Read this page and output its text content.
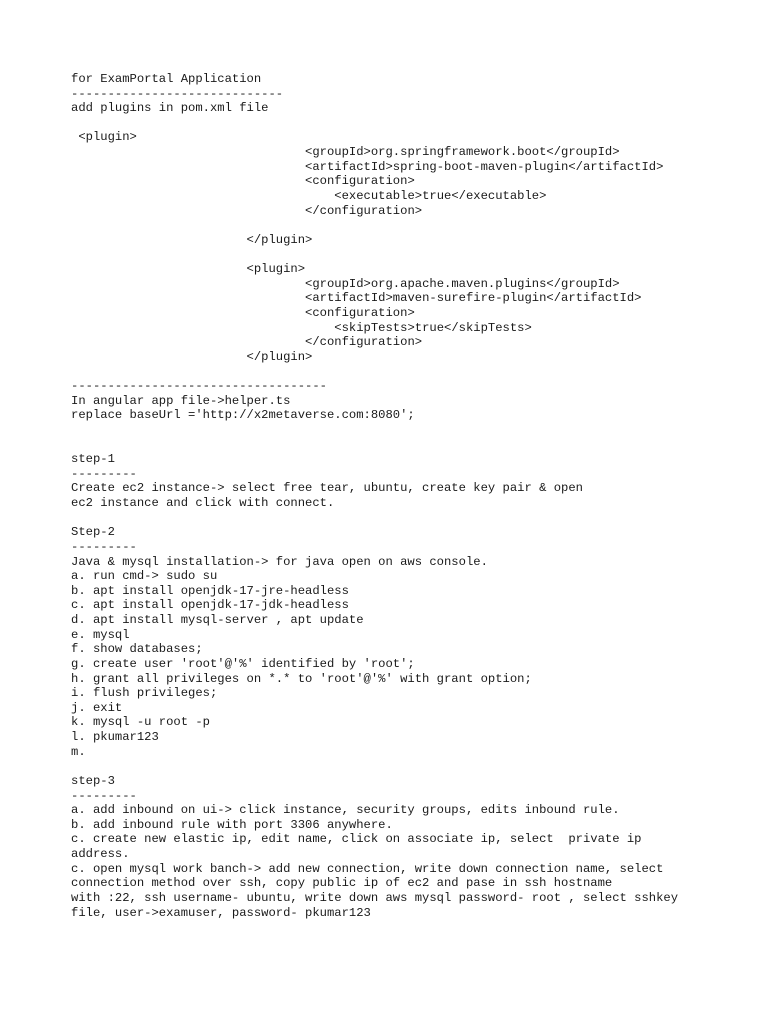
for ExamPortal Application
-----------------------------
add plugins in pom.xml file
<plugin>
				<groupId>org.springframework.boot</groupId>
				<artifactId>spring-boot-maven-plugin</artifactId>
				<configuration>
				<executable>true</executable>
				</configuration>
			</plugin>
			<plugin>
				<groupId>org.apache.maven.plugins</groupId>
				<artifactId>maven-surefire-plugin</artifactId>
				<configuration>
				<skipTests>true</skipTests>
				</configuration>
			</plugin>
-----------------------------------
In angular app file->helper.ts
replace baseUrl ='http://x2metaverse.com:8080';
step-1
---------
Create ec2 instance-> select free tear, ubuntu, create key pair & open
ec2 instance and click with connect.
Step-2
---------
Java & mysql installation-> for java open on aws console.
a. run cmd-> sudo su
b. apt install openjdk-17-jre-headless
c. apt install openjdk-17-jdk-headless
d. apt install mysql-server , apt update
e. mysql
f. show databases;
g. create user 'root'@'%' identified by 'root';
h. grant all privileges on *.* to 'root'@'%' with grant option;
i. flush privileges;
j. exit
k. mysql -u root -p
l. pkumar123
m.
step-3
---------
a. add inbound on ui-> click instance, security groups, edits inbound rule.
b. add inbound rule with port 3306 anywhere.
c. create new elastic ip, edit name, click on associate ip, select  private ip
address.
c. open mysql work banch-> add new connection, write down connection name, select
connection method over ssh, copy public ip of ec2 and pase in ssh hostname
with :22, ssh username- ubuntu, write down aws mysql password- root , select sshkey
file, user->examuser, password- pkumar123
